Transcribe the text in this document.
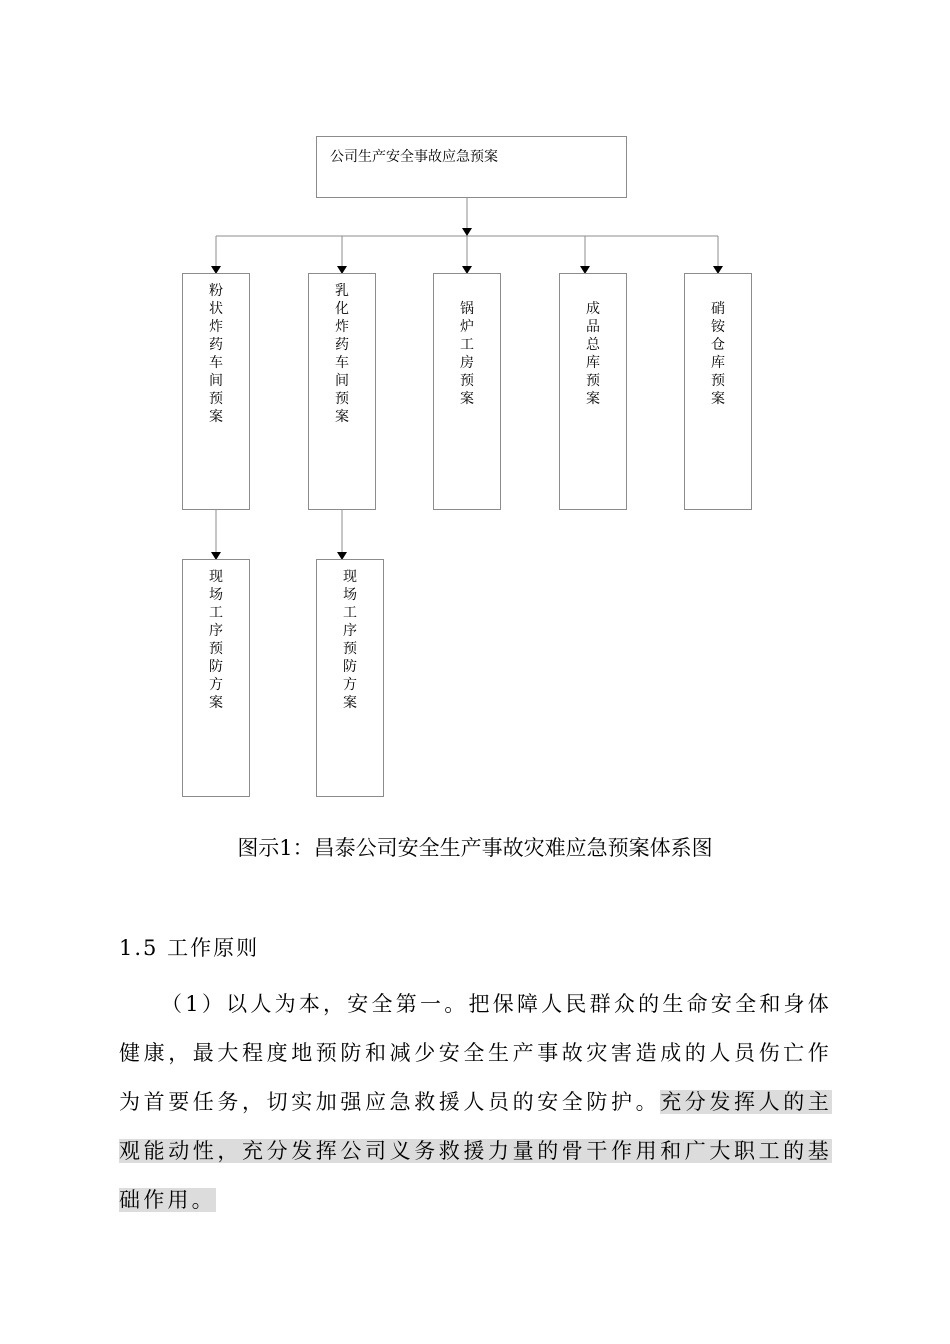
公司生产安全事故应急预案
粉
状
炸
药
车
间
预
案
乳
化
炸
药
车
间
预
案
锅
炉
工
房
预
案
成
品
总
库
预
案
硝
铵
仓
库
预
案
现
场
工
序
预
防
方
案
现
场
工
序
预
防
方
案
图示1：昌泰公司安全生产事故灾难应急预案体系图
1.5 工作原则
（1）以人为本，安全第一。把保障人民群众的生命安全和身体健康，最大程度地预防和减少安全生产事故灾害造成的人员伤亡作为首要任务，切实加强应急救援人员的安全防护。充分发挥人的主观能动性，充分发挥公司义务救援力量的骨干作用和广大职工的基础作用。
